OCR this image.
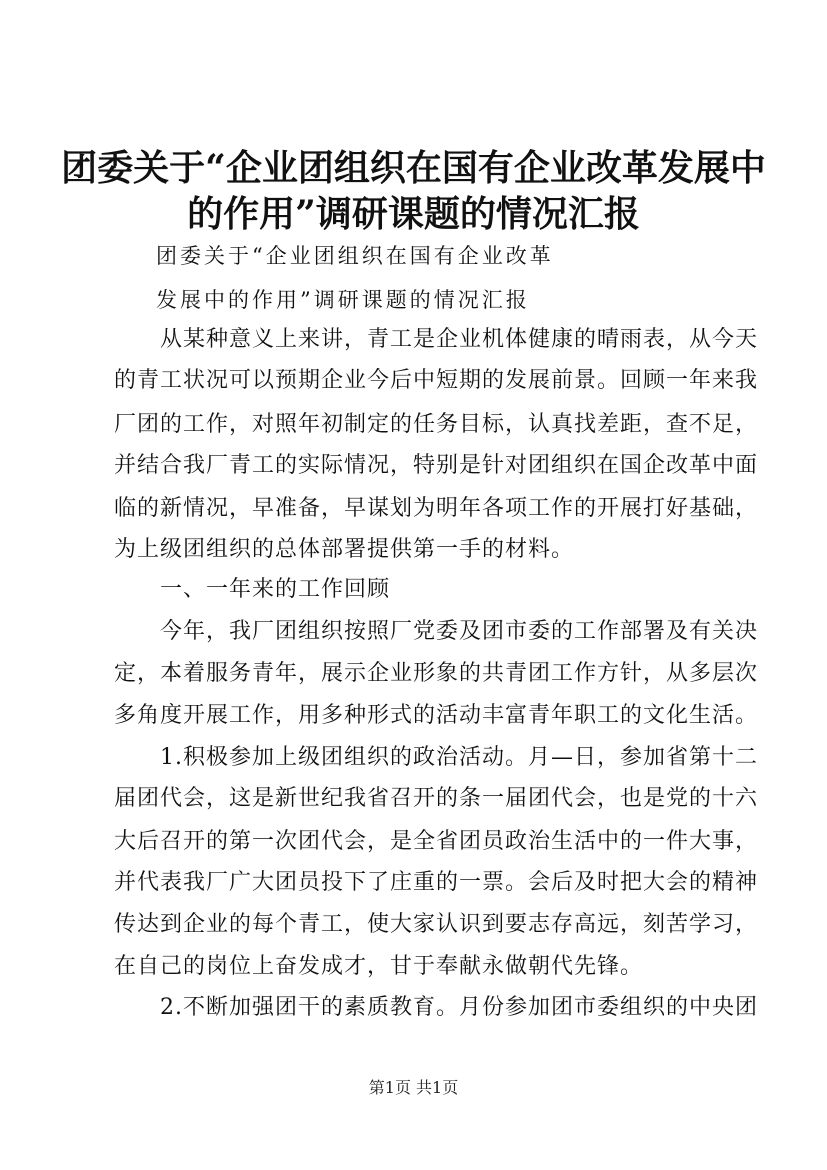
团委关于“企业团组织在国有企业改革发展中
的作用”调研课题的情况汇报
团委关于“企业团组织在国有企业改革
发展中的作用”调研课题的情况汇报
　　从某种意义上来讲，青工是企业机体健康的晴雨表，从今天
的青工状况可以预期企业今后中短期的发展前景。回顾一年来我
厂团的工作，对照年初制定的任务目标，认真找差距，查不足，
并结合我厂青工的实际情况，特别是针对团组织在国企改革中面
临的新情况，早准备，早谋划为明年各项工作的开展打好基础，
为上级团组织的总体部署提供第一手的材料。
　　一、一年来的工作回顾
　　今年，我厂团组织按照厂党委及团市委的工作部署及有关决
定，本着服务青年，展示企业形象的共青团工作方针，从多层次
多角度开展工作，用多种形式的活动丰富青年职工的文化生活。
　　1.积极参加上级团组织的政治活动。月—日，参加省第十二
届团代会，这是新世纪我省召开的条一届团代会，也是党的十六
大后召开的第一次团代会，是全省团员政治生活中的一件大事，
并代表我厂广大团员投下了庄重的一票。会后及时把大会的精神
传达到企业的每个青工，使大家认识到要志存高远，刻苦学习，
在自己的岗位上奋发成才，甘于奉献永做朝代先锋。
　　2.不断加强团干的素质教育。月份参加团市委组织的中央团
第1页 共1页
